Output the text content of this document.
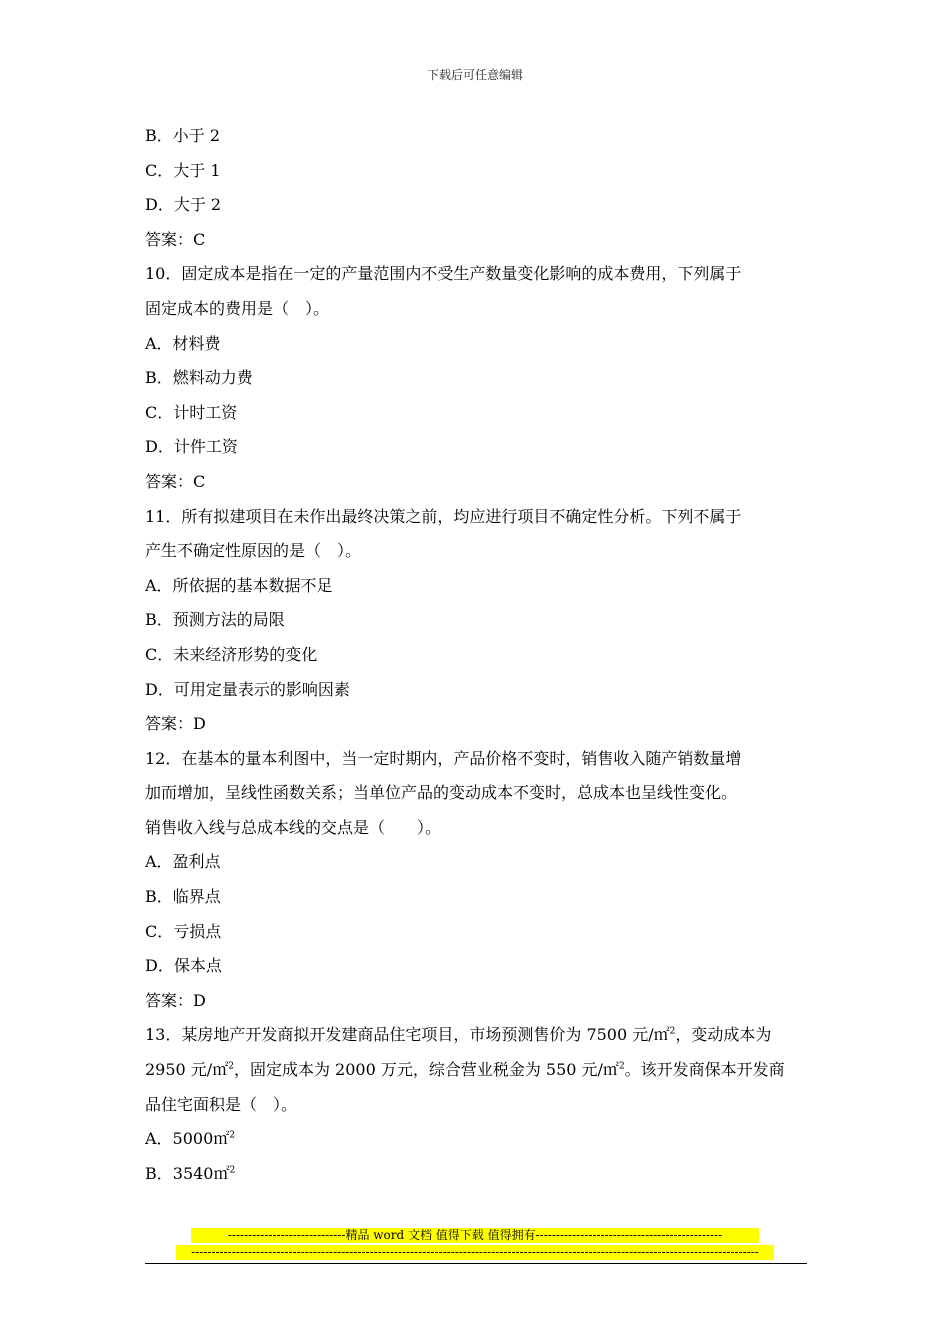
下载后可任意编辑
B．小于 2
C．大于 1
D．大于 2
答案：C
10．固定成本是指在一定的产量范围内不受生产数量变化影响的成本费用，下列属于
固定成本的费用是（　）。
A．材料费
B．燃料动力费
C．计时工资
D．计件工资
答案：C
11．所有拟建项目在未作出最终决策之前，均应进行项目不确定性分析。下列不属于
产生不确定性原因的是（　）。
A．所依据的基本数据不足
B．预测方法的局限
C．未来经济形势的变化
D．可用定量表示的影响因素
答案：D
12．在基本的量本利图中，当一定时期内，产品价格不变时，销售收入随产销数量增
加而增加，呈线性函数关系；当单位产品的变动成本不变时，总成本也呈线性变化。
销售收入线与总成本线的交点是（　　）。
A．盈利点
B．临界点
C．亏损点
D．保本点
答案：D
13．某房地产开发商拟开发建商品住宅项目，市场预测售价为 7500 元/㎡$^2$，变动成本为
2950 元/㎡$^2$，固定成本为 2000 万元，综合营业税金为 550 元/㎡$^2$。该开发商保本开发商
品住宅面积是（　）。
A．5000㎡$^2$
B．3540㎡$^2$
-----------------------------精品 word 文档 值得下载 值得拥有----------------------------------------------
--------------------------------------------------------------------------------------------------------------------------------------------
